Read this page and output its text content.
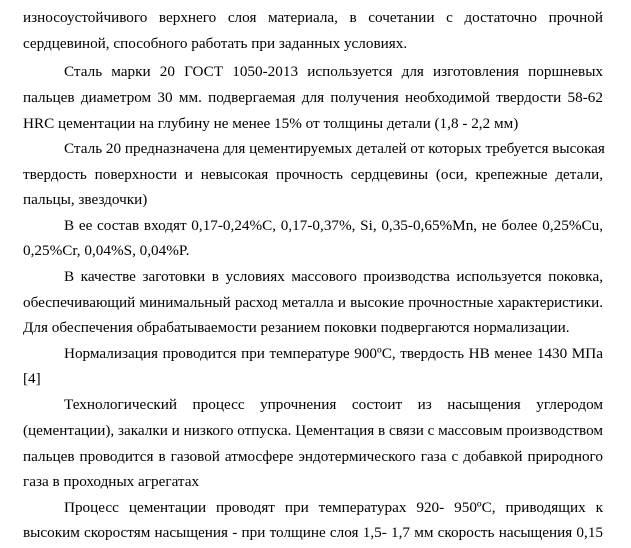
износоустойчивого верхнего слоя материала, в сочетании с достаточно прочной
сердцевиной, способного работать при заданных условиях.
Сталь марки 20 ГОСТ 1050-2013 используется для изготовления поршневых
пальцев диаметром 30 мм. подвергаемая для получения необходимой твердости 58-62
HRC цементации на глубину не менее 15% от толщины детали (1,8 - 2,2 мм)
Сталь 20 предназначена для цементируемых деталей от которых требуется высокая
твердость поверхности и невысокая прочность сердцевины (оси, крепежные детали,
пальцы, звездочки)
В ее состав входят 0,17-0,24%С, 0,17-0,37%, Si, 0,35-0,65%Mn, не более 0,25%Cu,
0,25%Cr, 0,04%S, 0,04%P.
В качестве заготовки в условиях массового производства используется поковка,
обеспечивающий минимальный расход металла и высокие прочностные характеристики.
Для обеспечения обрабатываемости резанием поковки подвергаются нормализации.
Нормализация проводится при температуре 900ºС, твердость НВ менее 1430 МПа
[4]
Технологический процесс упрочнения состоит из насыщения углеродом
(цементации), закалки и низкого отпуска. Цементация в связи с массовым производством
пальцев проводится в газовой атмосфере эндотермического газа с добавкой природного
газа в проходных агрегатах
Процесс цементации проводят при температурах 920- 950ºС, приводящих к
высоким скоростям насыщения - при толщине слоя 1,5- 1,7 мм скорость насыщения 0,15
